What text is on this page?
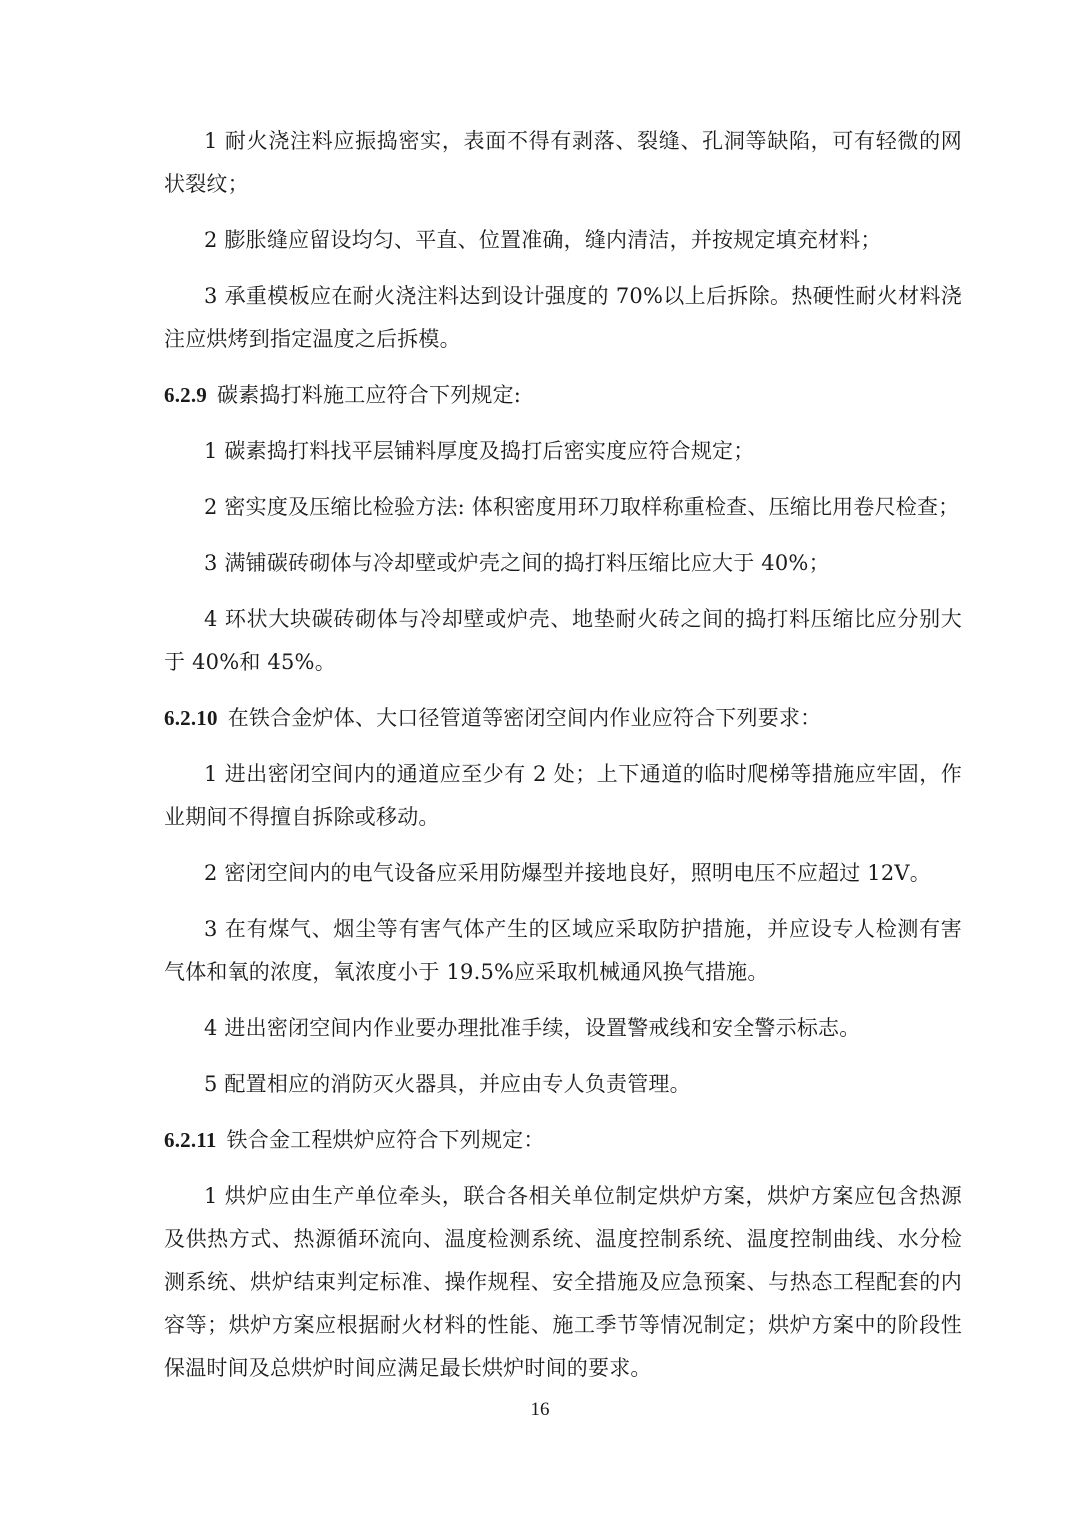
1 耐火浇注料应振捣密实，表面不得有剥落、裂缝、孔洞等缺陷，可有轻微的网状裂纹；

2 膨胀缝应留设均匀、平直、位置准确，缝内清洁，并按规定填充材料；

3 承重模板应在耐火浇注料达到设计强度的 70%以上后拆除。热硬性耐火材料浇注应烘烤到指定温度之后拆模。

6.2.9 碳素捣打料施工应符合下列规定:

1 碳素捣打料找平层铺料厚度及捣打后密实度应符合规定；

2 密实度及压缩比检验方法: 体积密度用环刀取样称重检查、压缩比用卷尺检查；

3 满铺碳砖砌体与冷却壁或炉壳之间的捣打料压缩比应大于 40%；

4 环状大块碳砖砌体与冷却壁或炉壳、地垫耐火砖之间的捣打料压缩比应分别大于 40%和 45%。

6.2.10 在铁合金炉体、大口径管道等密闭空间内作业应符合下列要求：

1 进出密闭空间内的通道应至少有 2 处；上下通道的临时爬梯等措施应牢固，作业期间不得擅自拆除或移动。

2 密闭空间内的电气设备应采用防爆型并接地良好，照明电压不应超过 12V。

3 在有煤气、烟尘等有害气体产生的区域应采取防护措施，并应设专人检测有害气体和氧的浓度，氧浓度小于 19.5%应采取机械通风换气措施。

4 进出密闭空间内作业要办理批准手续，设置警戒线和安全警示标志。

5 配置相应的消防灭火器具，并应由专人负责管理。

6.2.11 铁合金工程烘炉应符合下列规定：

1 烘炉应由生产单位牵头，联合各相关单位制定烘炉方案，烘炉方案应包含热源及供热方式、热源循环流向、温度检测系统、温度控制系统、温度控制曲线、水分检测系统、烘炉结束判定标准、操作规程、安全措施及应急预案、与热态工程配套的内容等；烘炉方案应根据耐火材料的性能、施工季节等情况制定；烘炉方案中的阶段性保温时间及总烘炉时间应满足最长烘炉时间的要求。

16
